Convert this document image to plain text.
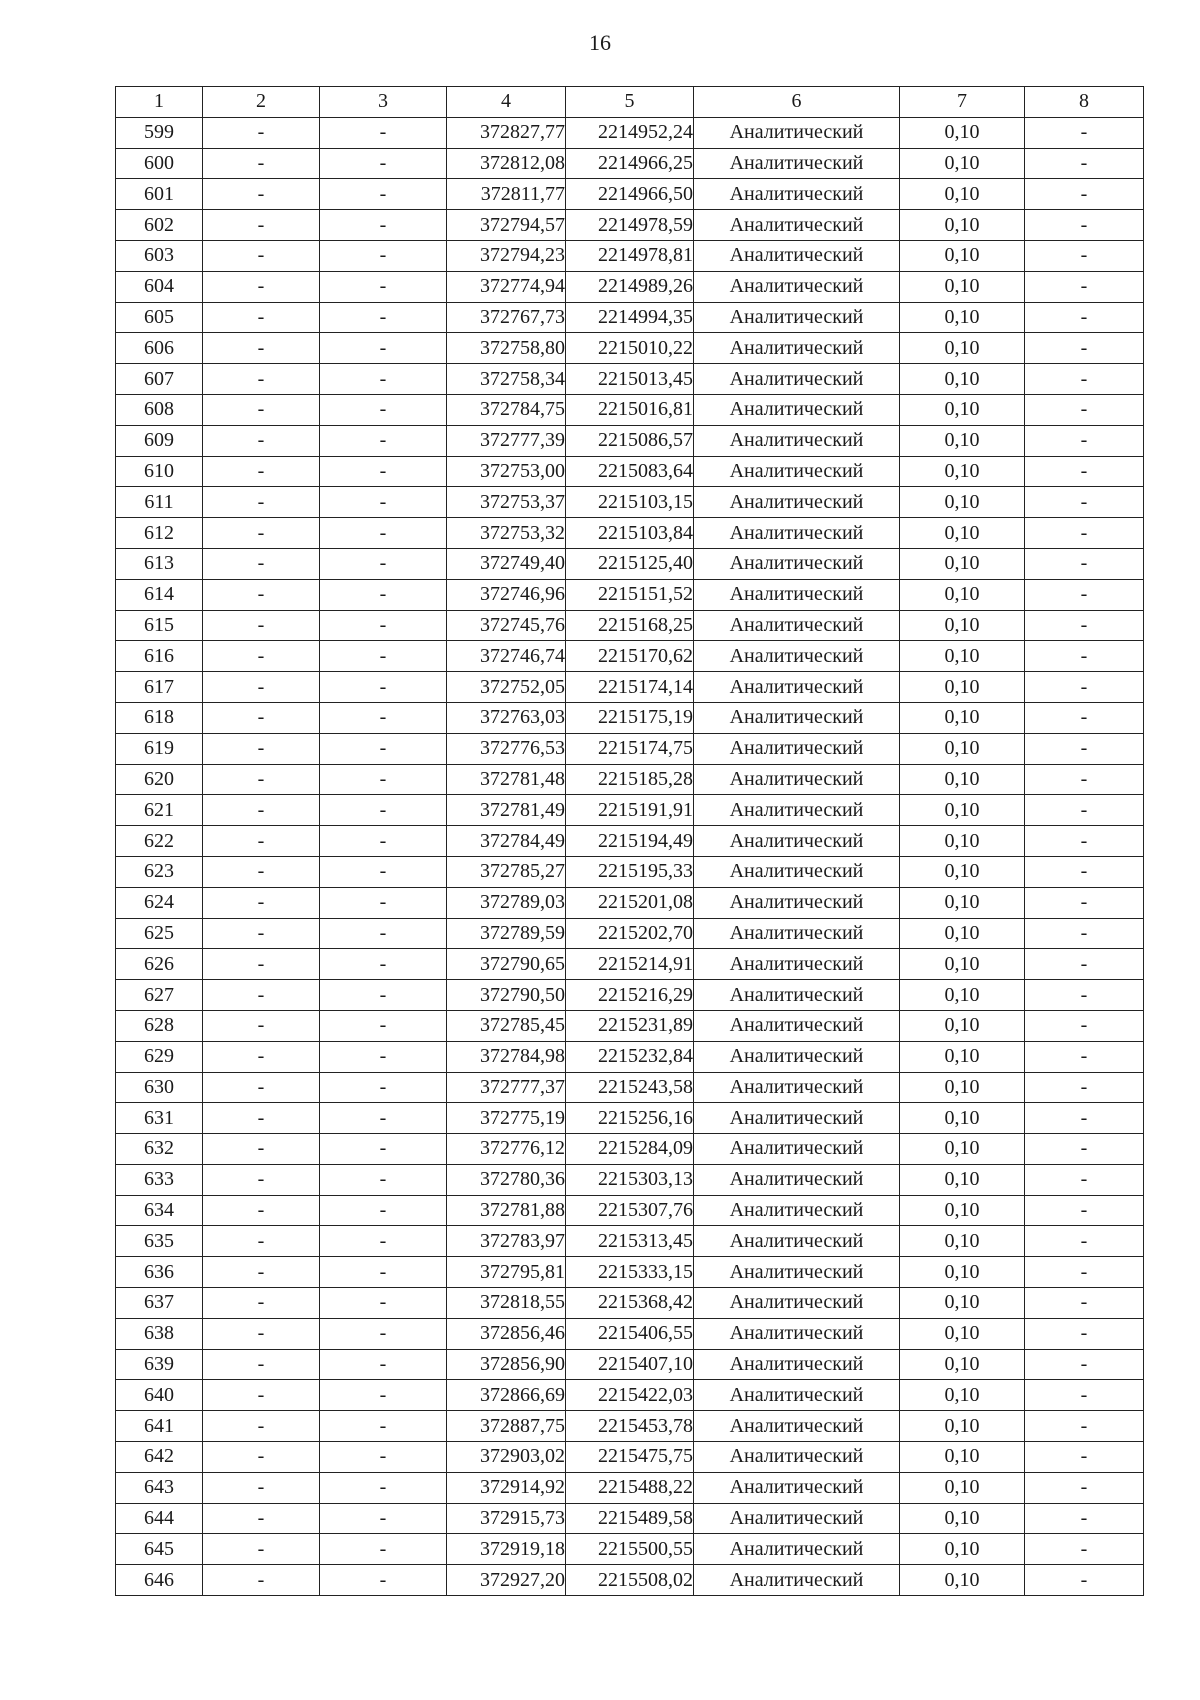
16
1	2	3	4	5	6	7	8
599	-	-	372827,77	2214952,24	Аналитический	0,10	-
600	-	-	372812,08	2214966,25	Аналитический	0,10	-
601	-	-	372811,77	2214966,50	Аналитический	0,10	-
602	-	-	372794,57	2214978,59	Аналитический	0,10	-
603	-	-	372794,23	2214978,81	Аналитический	0,10	-
604	-	-	372774,94	2214989,26	Аналитический	0,10	-
605	-	-	372767,73	2214994,35	Аналитический	0,10	-
606	-	-	372758,80	2215010,22	Аналитический	0,10	-
607	-	-	372758,34	2215013,45	Аналитический	0,10	-
608	-	-	372784,75	2215016,81	Аналитический	0,10	-
609	-	-	372777,39	2215086,57	Аналитический	0,10	-
610	-	-	372753,00	2215083,64	Аналитический	0,10	-
611	-	-	372753,37	2215103,15	Аналитический	0,10	-
612	-	-	372753,32	2215103,84	Аналитический	0,10	-
613	-	-	372749,40	2215125,40	Аналитический	0,10	-
614	-	-	372746,96	2215151,52	Аналитический	0,10	-
615	-	-	372745,76	2215168,25	Аналитический	0,10	-
616	-	-	372746,74	2215170,62	Аналитический	0,10	-
617	-	-	372752,05	2215174,14	Аналитический	0,10	-
618	-	-	372763,03	2215175,19	Аналитический	0,10	-
619	-	-	372776,53	2215174,75	Аналитический	0,10	-
620	-	-	372781,48	2215185,28	Аналитический	0,10	-
621	-	-	372781,49	2215191,91	Аналитический	0,10	-
622	-	-	372784,49	2215194,49	Аналитический	0,10	-
623	-	-	372785,27	2215195,33	Аналитический	0,10	-
624	-	-	372789,03	2215201,08	Аналитический	0,10	-
625	-	-	372789,59	2215202,70	Аналитический	0,10	-
626	-	-	372790,65	2215214,91	Аналитический	0,10	-
627	-	-	372790,50	2215216,29	Аналитический	0,10	-
628	-	-	372785,45	2215231,89	Аналитический	0,10	-
629	-	-	372784,98	2215232,84	Аналитический	0,10	-
630	-	-	372777,37	2215243,58	Аналитический	0,10	-
631	-	-	372775,19	2215256,16	Аналитический	0,10	-
632	-	-	372776,12	2215284,09	Аналитический	0,10	-
633	-	-	372780,36	2215303,13	Аналитический	0,10	-
634	-	-	372781,88	2215307,76	Аналитический	0,10	-
635	-	-	372783,97	2215313,45	Аналитический	0,10	-
636	-	-	372795,81	2215333,15	Аналитический	0,10	-
637	-	-	372818,55	2215368,42	Аналитический	0,10	-
638	-	-	372856,46	2215406,55	Аналитический	0,10	-
639	-	-	372856,90	2215407,10	Аналитический	0,10	-
640	-	-	372866,69	2215422,03	Аналитический	0,10	-
641	-	-	372887,75	2215453,78	Аналитический	0,10	-
642	-	-	372903,02	2215475,75	Аналитический	0,10	-
643	-	-	372914,92	2215488,22	Аналитический	0,10	-
644	-	-	372915,73	2215489,58	Аналитический	0,10	-
645	-	-	372919,18	2215500,55	Аналитический	0,10	-
646	-	-	372927,20	2215508,02	Аналитический	0,10	-
